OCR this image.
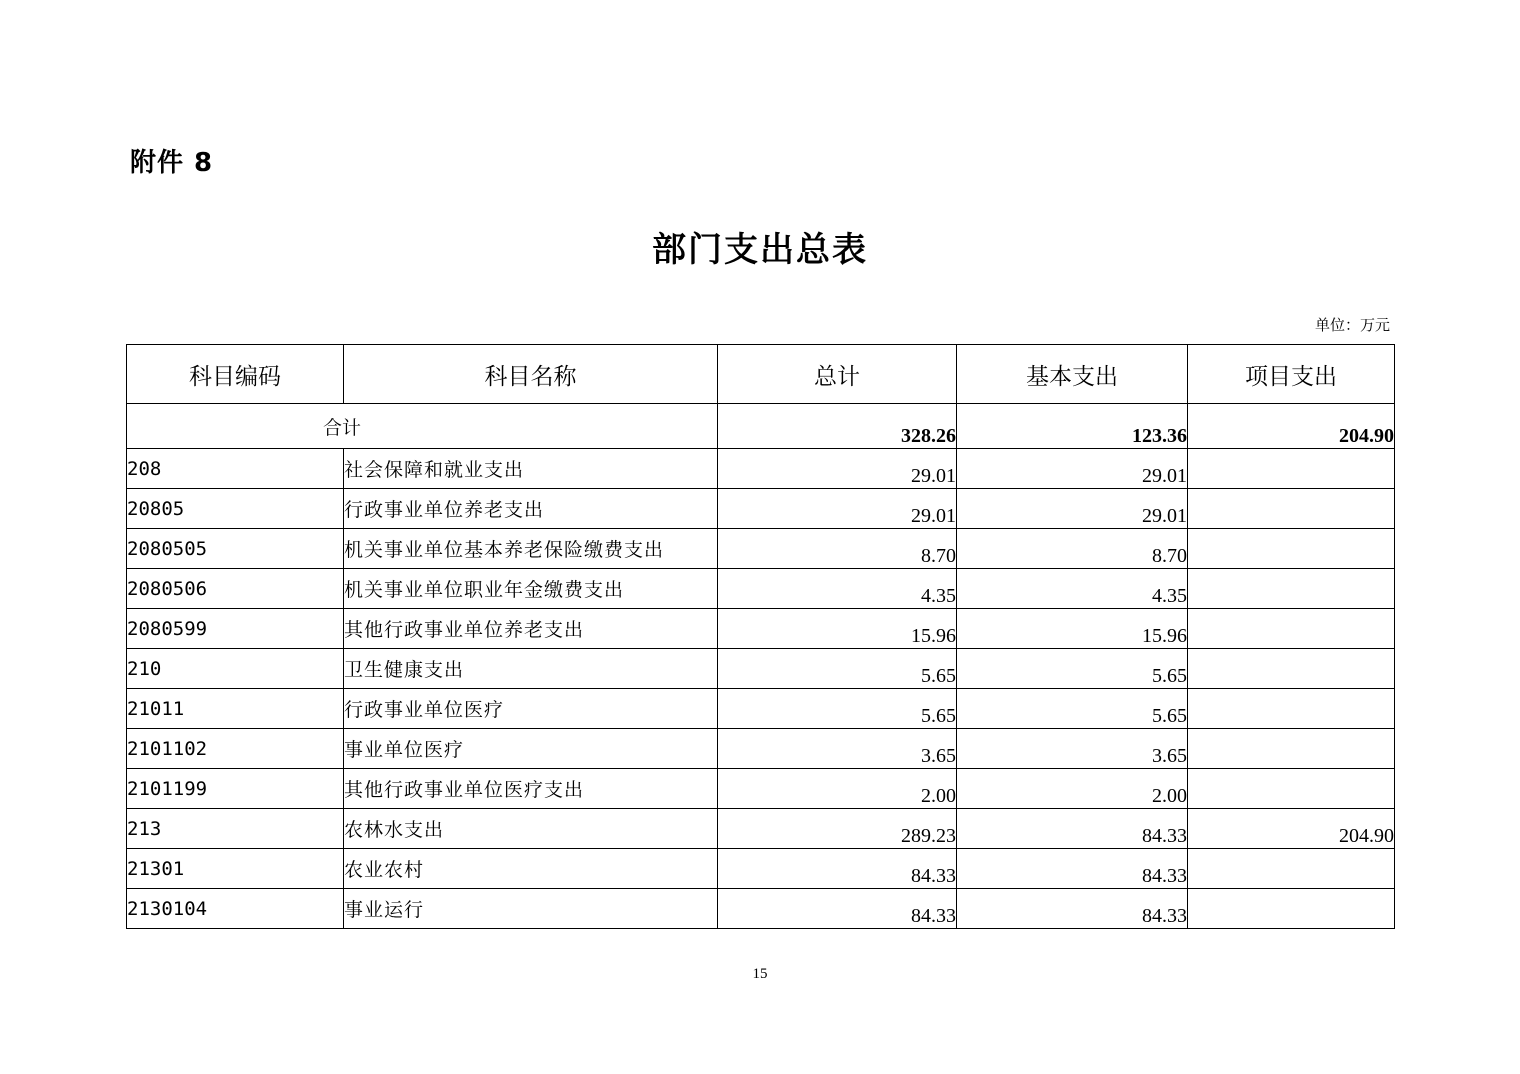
附件 8
部门支出总表
单位：万元
科目编码	科目名称	总计	基本支出	项目支出
合计		328.26	123.36	204.90
208	社会保障和就业支出	29.01	29.01	
20805	行政事业单位养老支出	29.01	29.01	
2080505	机关事业单位基本养老保险缴费支出	8.70	8.70	
2080506	机关事业单位职业年金缴费支出	4.35	4.35	
2080599	其他行政事业单位养老支出	15.96	15.96	
210	卫生健康支出	5.65	5.65	
21011	行政事业单位医疗	5.65	5.65	
2101102	事业单位医疗	3.65	3.65	
2101199	其他行政事业单位医疗支出	2.00	2.00	
213	农林水支出	289.23	84.33	204.90
21301	农业农村	84.33	84.33	
2130104	事业运行	84.33	84.33	
15
